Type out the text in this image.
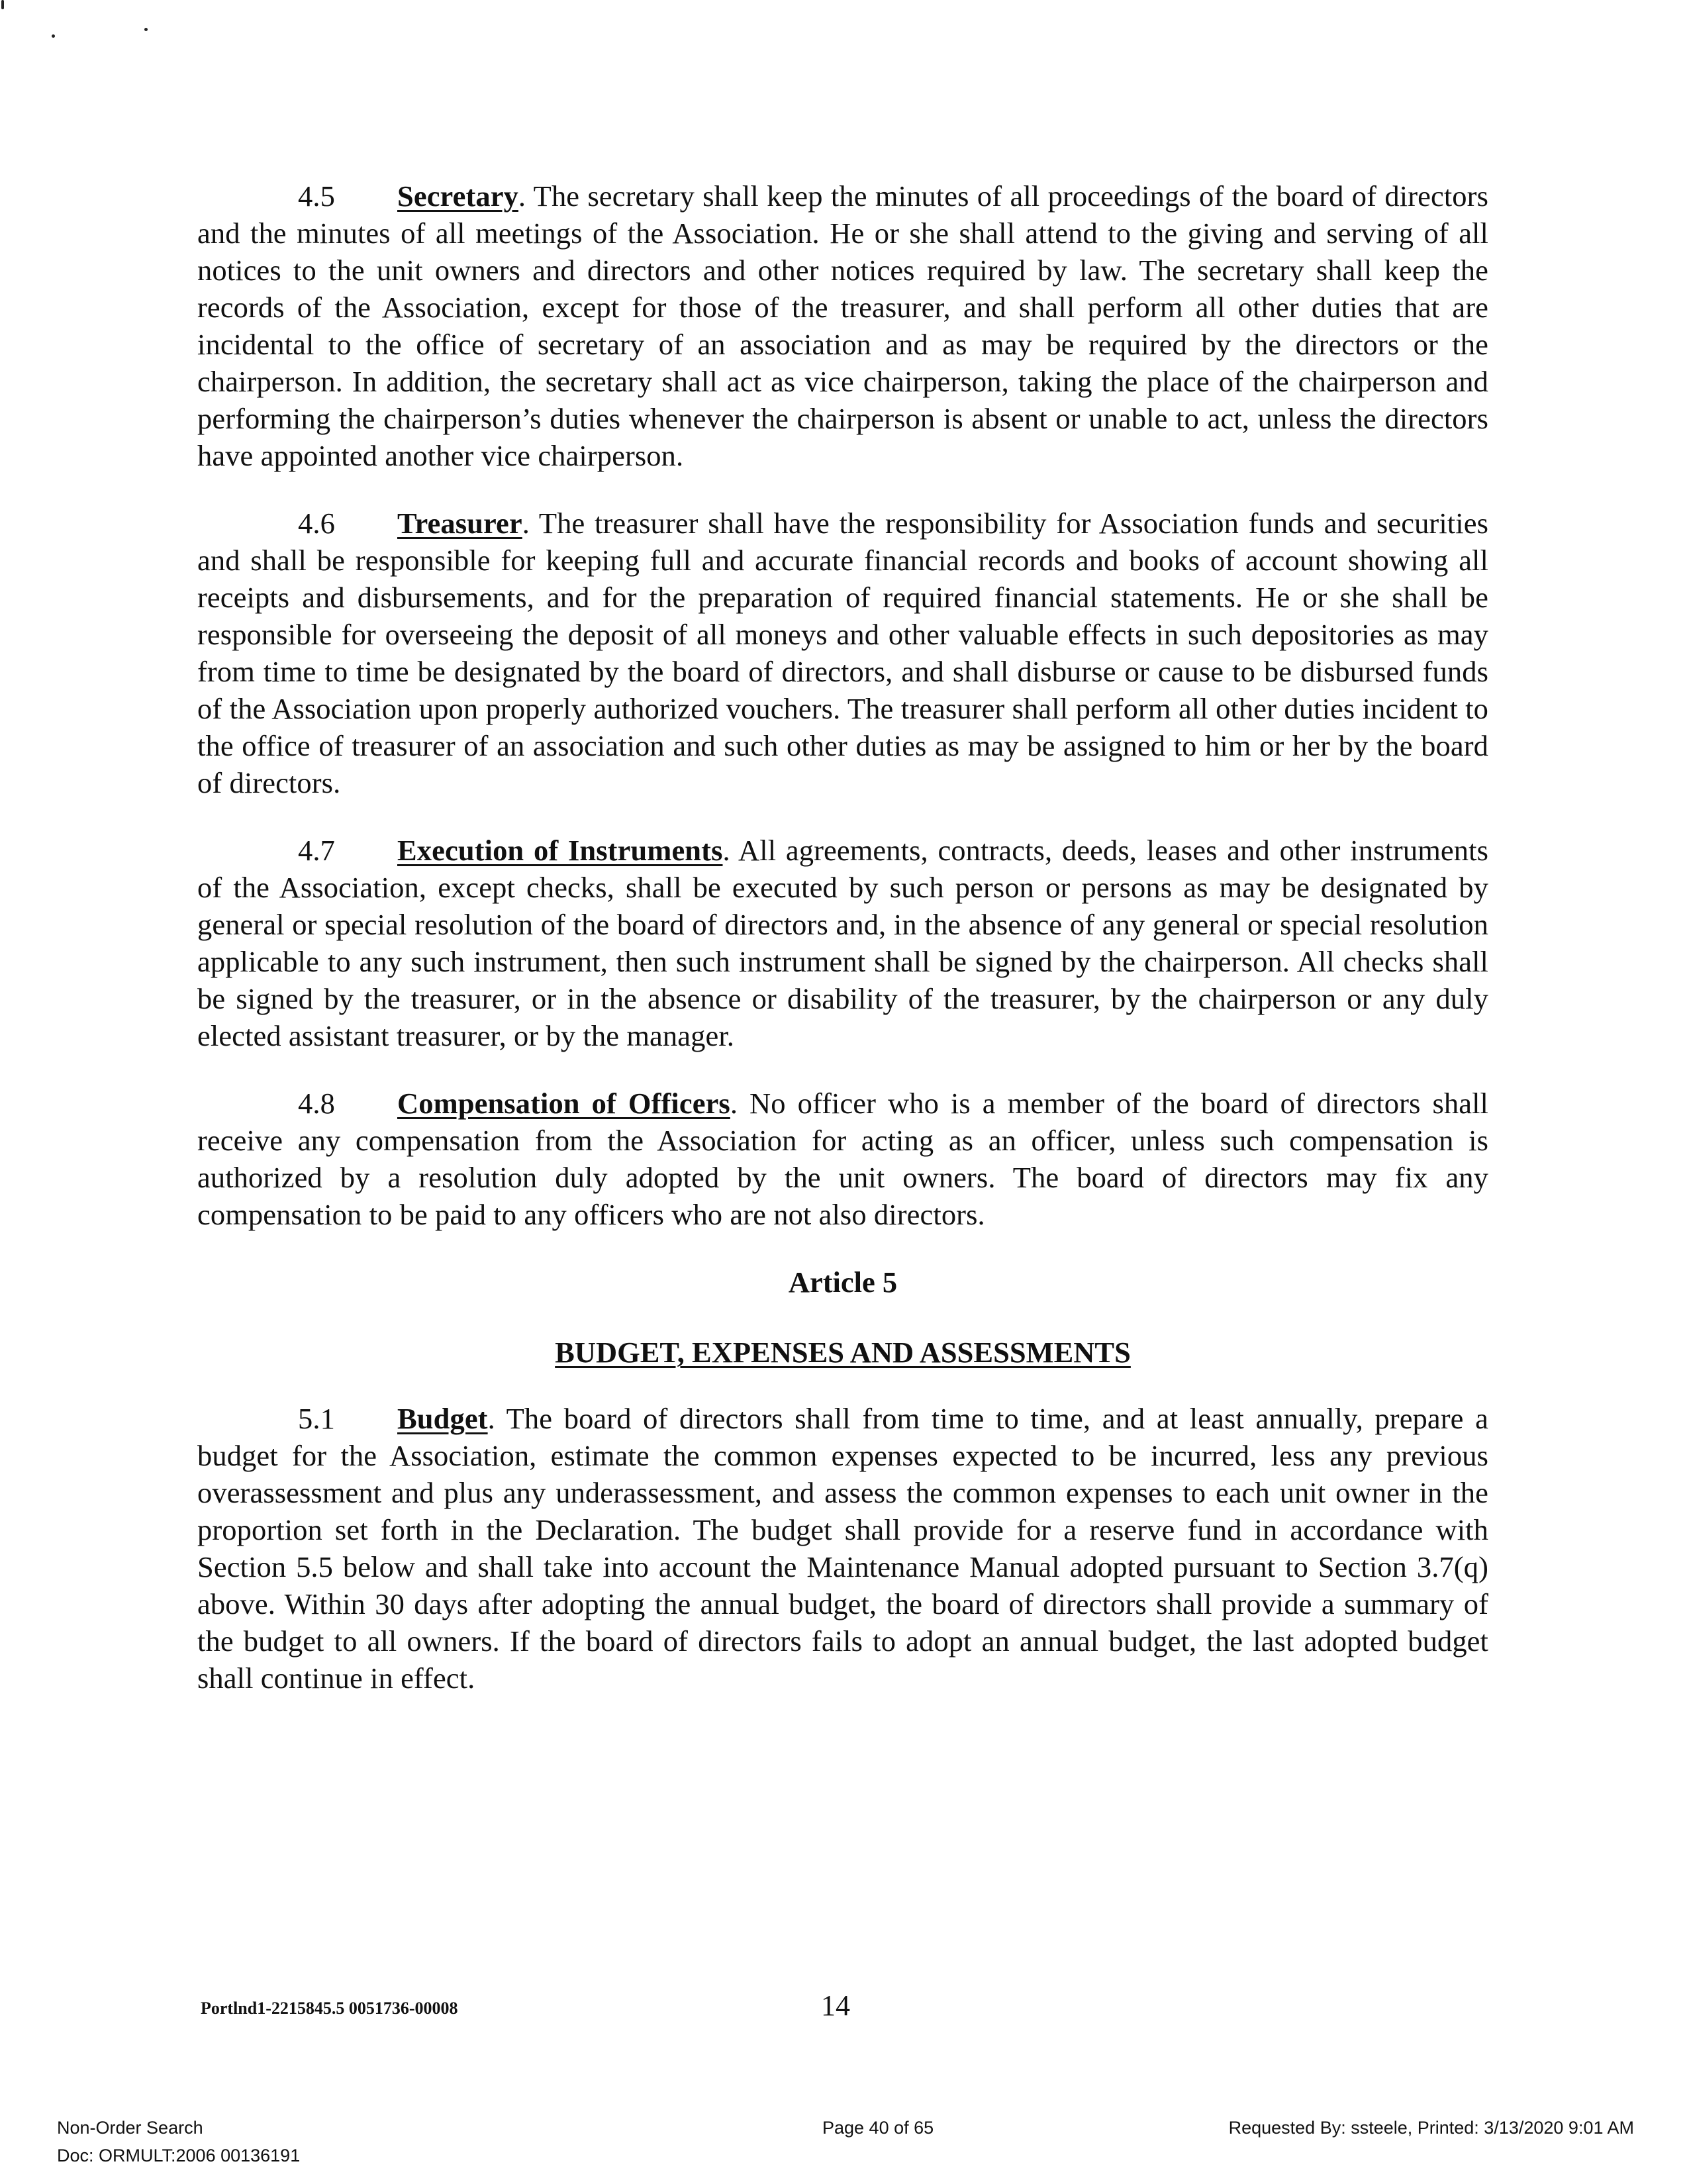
4.5 Secretary. The secretary shall keep the minutes of all proceedings of the board of directors and the minutes of all meetings of the Association. He or she shall attend to the giving and serving of all notices to the unit owners and directors and other notices required by law. The secretary shall keep the records of the Association, except for those of the treasurer, and shall perform all other duties that are incidental to the office of secretary of an association and as may be required by the directors or the chairperson. In addition, the secretary shall act as vice chairperson, taking the place of the chairperson and performing the chairperson’s duties whenever the chairperson is absent or unable to act, unless the directors have appointed another vice chairperson.

4.6 Treasurer. The treasurer shall have the responsibility for Association funds and securities and shall be responsible for keeping full and accurate financial records and books of account showing all receipts and disbursements, and for the preparation of required financial statements. He or she shall be responsible for overseeing the deposit of all moneys and other valuable effects in such depositories as may from time to time be designated by the board of directors, and shall disburse or cause to be disbursed funds of the Association upon properly authorized vouchers. The treasurer shall perform all other duties incident to the office of treasurer of an association and such other duties as may be assigned to him or her by the board of directors.

4.7 Execution of Instruments. All agreements, contracts, deeds, leases and other instruments of the Association, except checks, shall be executed by such person or persons as may be designated by general or special resolution of the board of directors and, in the absence of any general or special resolution applicable to any such instrument, then such instrument shall be signed by the chairperson. All checks shall be signed by the treasurer, or in the absence or disability of the treasurer, by the chairperson or any duly elected assistant treasurer, or by the manager.

4.8 Compensation of Officers. No officer who is a member of the board of directors shall receive any compensation from the Association for acting as an officer, unless such compensation is authorized by a resolution duly adopted by the unit owners. The board of directors may fix any compensation to be paid to any officers who are not also directors.

Article 5
BUDGET, EXPENSES AND ASSESSMENTS

5.1 Budget. The board of directors shall from time to time, and at least annually, prepare a budget for the Association, estimate the common expenses expected to be incurred, less any previous overassessment and plus any underassessment, and assess the common expenses to each unit owner in the proportion set forth in the Declaration. The budget shall provide for a reserve fund in accordance with Section 5.5 below and shall take into account the Maintenance Manual adopted pursuant to Section 3.7(q) above. Within 30 days after adopting the annual budget, the board of directors shall provide a summary of the budget to all owners. If the board of directors fails to adopt an annual budget, the last adopted budget shall continue in effect.

Portlnd1-2215845.5 0051736-00008	14
Non-Order Search
Doc: ORMULT:2006 00136191
Page 40 of 65	Requested By: ssteele, Printed: 3/13/2020 9:01 AM
